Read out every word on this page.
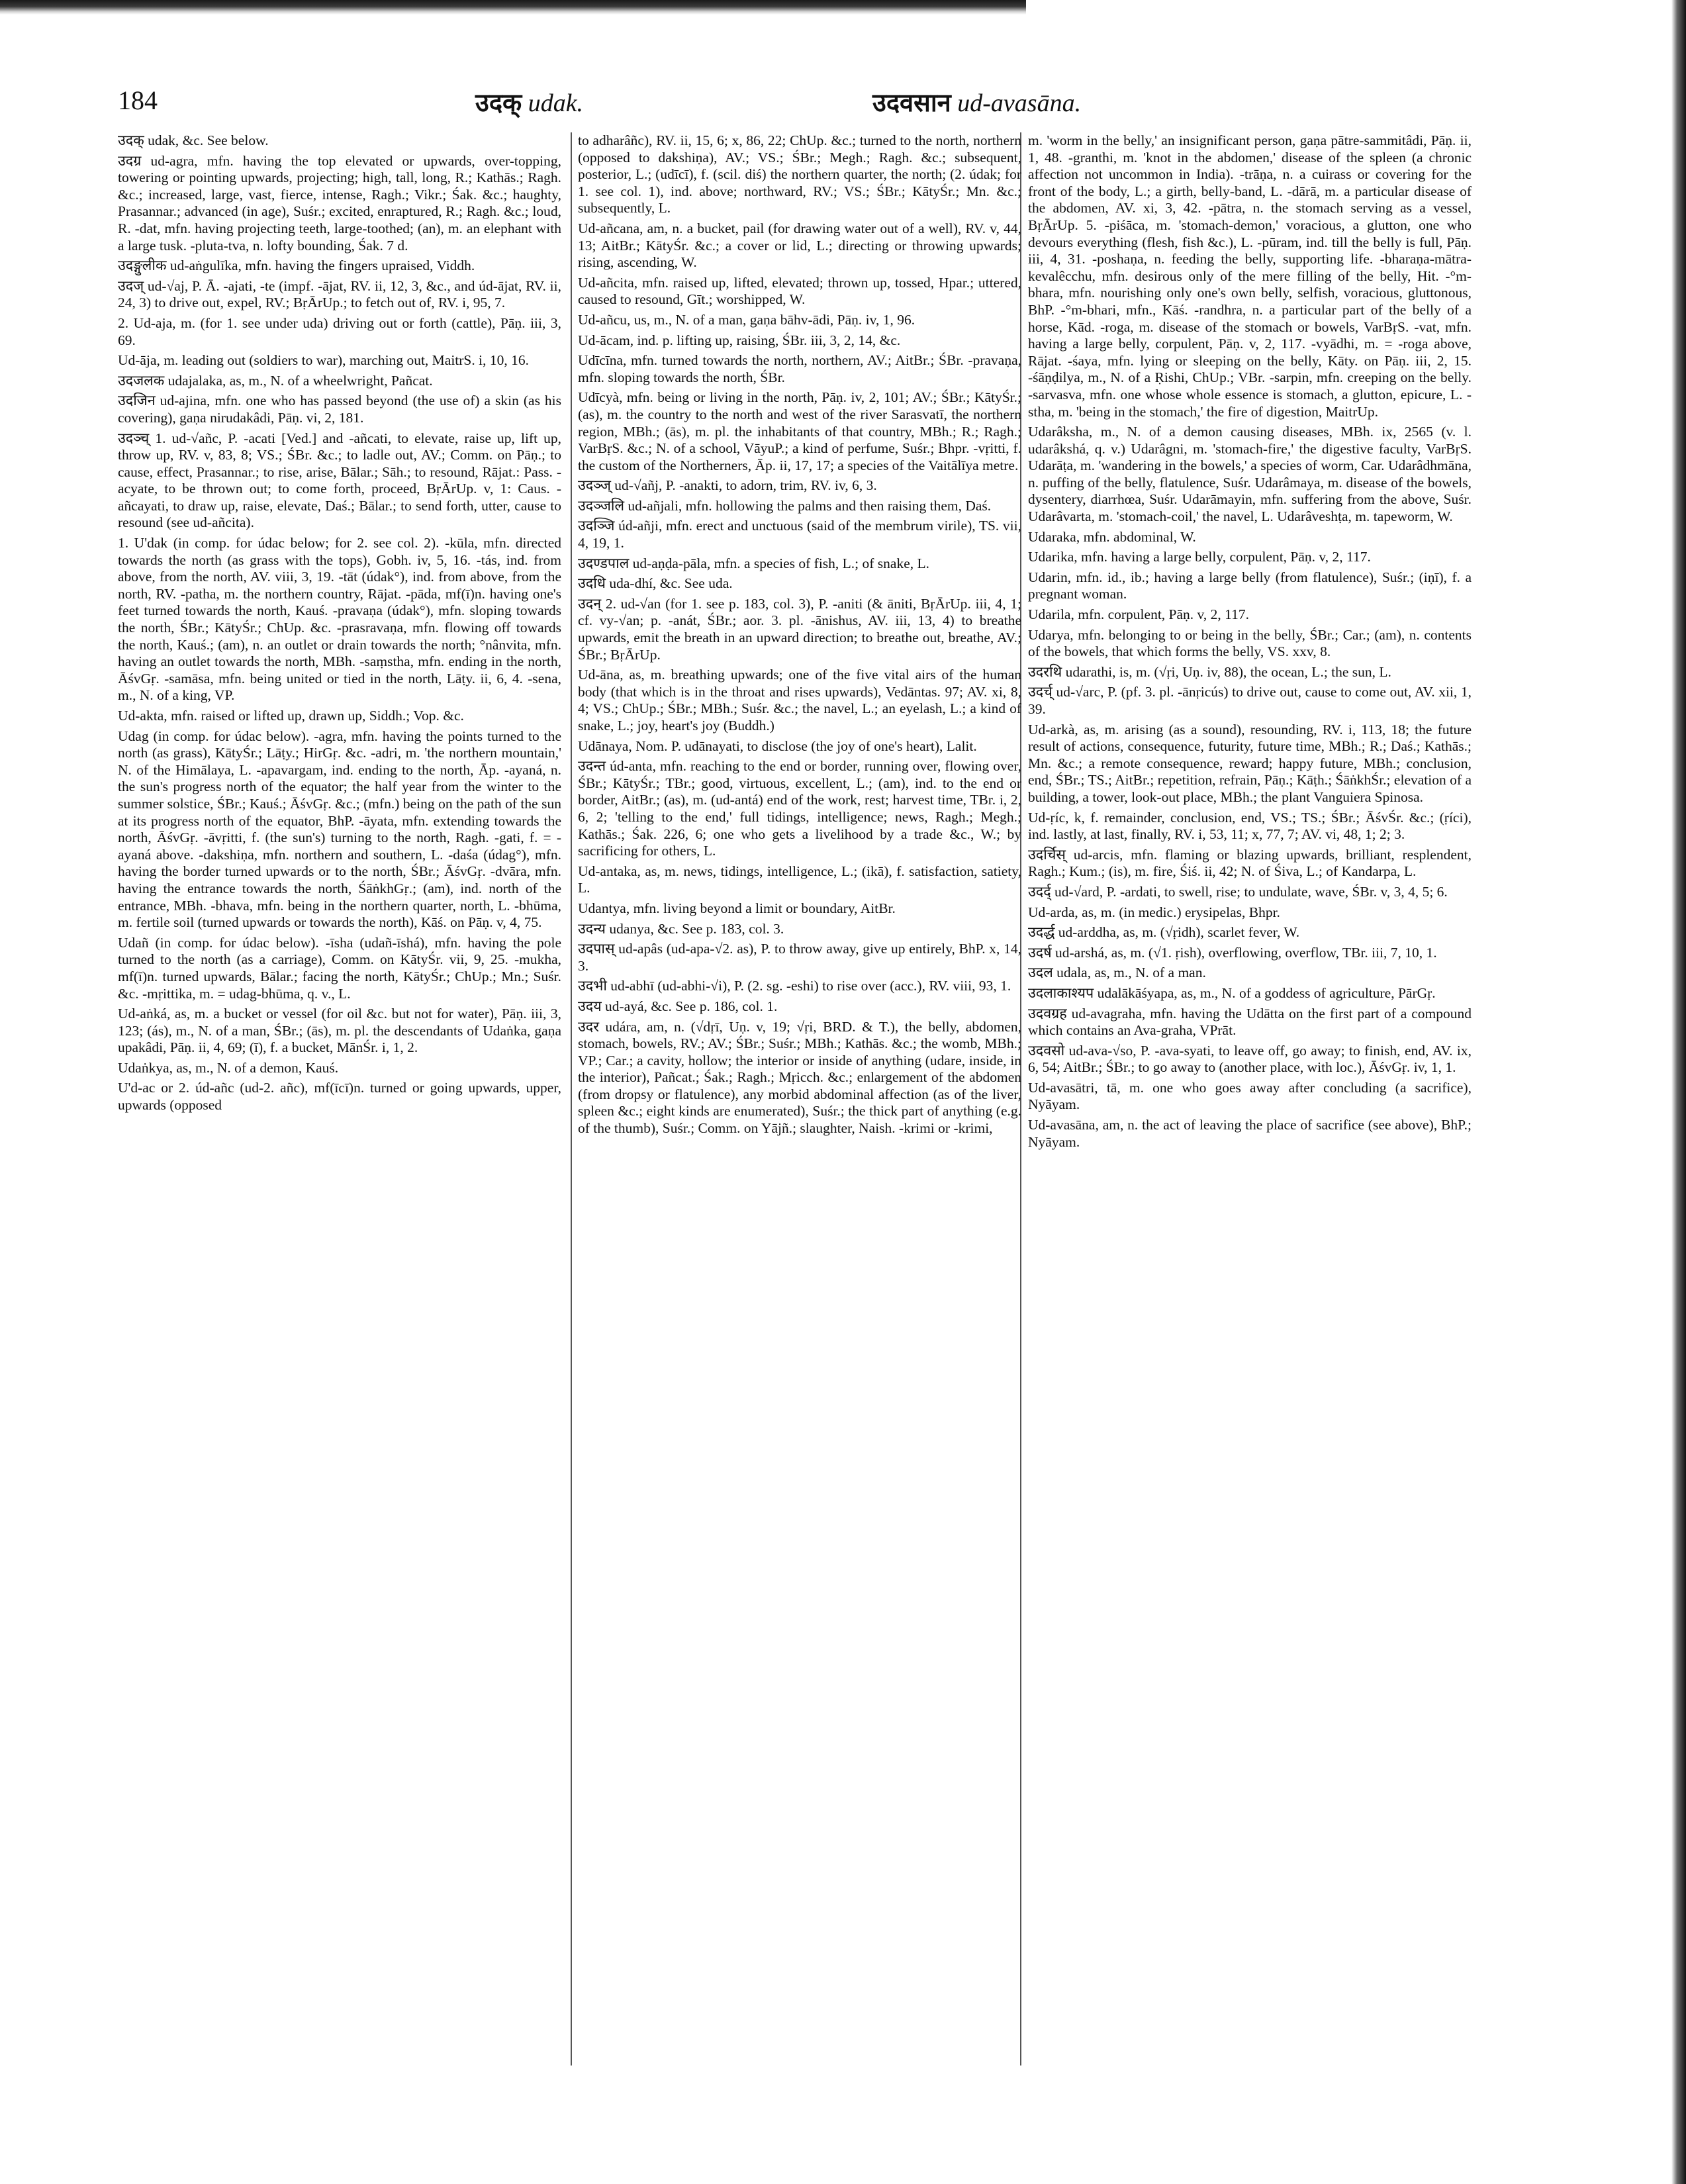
184	उदक् udak.	उदवसान ud-avasāna.

उदक् udak, &c. See below.

उदग्र ud-agra, mfn. having the top elevated or upwards, over-topping, towering or pointing upwards, projecting; high, tall, long, R.; Kathās.; Ragh. &c.; increased, large, vast, fierce, intense, Ragh.; Vikr.; Śak. &c.; haughty, Prasannar.; advanced (in age), Suśr.; excited, enraptured, R.; Ragh. &c.; loud, R. -dat, mfn. having projecting teeth, large-toothed; (an), m. an elephant with a large tusk. -pluta-tva, n. lofty bounding, Śak. 7 d.

उदङ्गुलीक ud-aṅgulīka, mfn. having the fingers upraised, Viddh.

उदज् ud-√aj, P. Ā. -ajati, -te (impf. -ājat, RV. ii, 12, 3, &c., and úd-ājat, RV. ii, 24, 3) to drive out, expel, RV.; BṛĀrUp.; to fetch out of, RV. i, 95, 7.

2. Ud-aja, m. (for 1. see under uda) driving out or forth (cattle), Pāṇ. iii, 3, 69.

Ud-āja, m. leading out (soldiers to war), marching out, MaitrS. i, 10, 16.

उदजलक udajalaka, as, m., N. of a wheelwright, Pañcat.

उदजिन ud-ajina, mfn. one who has passed beyond (the use of) a skin (as his covering), gaṇa nirudakâdi, Pāṇ. vi, 2, 181.

उदञ्च् 1. ud-√añc, P. -acati [Ved.] and -añcati, to elevate, raise up, lift up, throw up, RV. v, 83, 8; VS.; ŚBr. &c.; to ladle out, AV.; Comm. on Pāṇ.; to cause, effect, Prasannar.; to rise, arise, Bālar.; Sāh.; to resound, Rājat.: Pass. -acyate, to be thrown out; to come forth, proceed, BṛĀrUp. v, 1: Caus. -añcayati, to draw up, raise, elevate, Daś.; Bālar.; to send forth, utter, cause to resound (see ud-añcita).

1. U'dak (in comp. for údac below; for 2. see col. 2). -kūla, mfn. directed towards the north (as grass with the tops), Gobh. iv, 5, 16. -tás, ind. from above, from the north, AV. viii, 3, 19. -tāt (údak°), ind. from above, from the north, RV. -patha, m. the northern country, Rājat. -pāda, mf(ī)n. having one's feet turned towards the north, Kauś. -pravaṇa (údak°), mfn. sloping towards the north, ŚBr.; KātyŚr.; ChUp. &c. -prasravaṇa, mfn. flowing off towards the north, Kauś.; (am), n. an outlet or drain towards the north; °nânvita, mfn. having an outlet towards the north, MBh. -saṃstha, mfn. ending in the north, ĀśvGṛ. -samāsa, mfn. being united or tied in the north, Lāṭy. ii, 6, 4. -sena, m., N. of a king, VP.

Ud-akta, mfn. raised or lifted up, drawn up, Siddh.; Vop. &c.

Udag (in comp. for údac below). -agra, mfn. having the points turned to the north (as grass), KātyŚr.; Lāṭy.; HirGṛ. &c. -adri, m. 'the northern mountain,' N. of the Himālaya, L. -apavargam, ind. ending to the north, Āp. -ayaná, n. the sun's progress north of the equator; the half year from the winter to the summer solstice, ŚBr.; Kauś.; ĀśvGṛ. &c.; (mfn.) being on the path of the sun at its progress north of the equator, BhP. -āyata, mfn. extending towards the north, ĀśvGṛ. -āvṛitti, f. (the sun's) turning to the north, Ragh. -gati, f. = -ayaná above. -dakshiṇa, mfn. northern and southern, L. -daśa (údag°), mfn. having the border turned upwards or to the north, ŚBr.; ĀśvGṛ. -dvāra, mfn. having the entrance towards the north, ŚāṅkhGṛ.; (am), ind. north of the entrance, MBh. -bhava, mfn. being in the northern quarter, north, L. -bhūma, m. fertile soil (turned upwards or towards the north), Kāś. on Pāṇ. v, 4, 75.

Udañ (in comp. for údac below). -īsha (udañ-īshá), mfn. having the pole turned to the north (as a carriage), Comm. on KātyŚr. vii, 9, 25. -mukha, mf(ī)n. turned upwards, Bālar.; facing the north, KātyŚr.; ChUp.; Mn.; Suśr. &c. -mṛittika, m. = udag-bhūma, q. v., L.

Ud-aṅká, as, m. a bucket or vessel (for oil &c. but not for water), Pāṇ. iii, 3, 123; (ás), m., N. of a man, ŚBr.; (ās), m. pl. the descendants of Udaṅka, gaṇa upakâdi, Pāṇ. ii, 4, 69; (ī), f. a bucket, MānŚr. i, 1, 2.

Udaṅkya, as, m., N. of a demon, Kauś.

U'd-ac or 2. úd-añc (ud-2. añc), mf(īcī)n. turned or going upwards, upper, upwards (opposed

to adharâñc), RV. ii, 15, 6; x, 86, 22; ChUp. &c.; turned to the north, northern (opposed to dakshiṇa), AV.; VS.; ŚBr.; Megh.; Ragh. &c.; subsequent, posterior, L.; (udīcī), f. (scil. diś) the northern quarter, the north; (2. údak; for 1. see col. 1), ind. above; northward, RV.; VS.; ŚBr.; KātyŚr.; Mn. &c.; subsequently, L.

Ud-añcana, am, n. a bucket, pail (for drawing water out of a well), RV. v, 44, 13; AitBr.; KātyŚr. &c.; a cover or lid, L.; directing or throwing upwards; rising, ascending, W.

Ud-añcita, mfn. raised up, lifted, elevated; thrown up, tossed, Hpar.; uttered, caused to resound, Gīt.; worshipped, W.

Ud-añcu, us, m., N. of a man, gaṇa bāhv-ādi, Pāṇ. iv, 1, 96.

Ud-ācam, ind. p. lifting up, raising, ŚBr. iii, 3, 2, 14, &c.

Udīcīna, mfn. turned towards the north, northern, AV.; AitBr.; ŚBr. -pravaṇa, mfn. sloping towards the north, ŚBr.

Udīcyà, mfn. being or living in the north, Pāṇ. iv, 2, 101; AV.; ŚBr.; KātyŚr.; (as), m. the country to the north and west of the river Sarasvatī, the northern region, MBh.; (ās), m. pl. the inhabitants of that country, MBh.; R.; Ragh.; VarBṛS. &c.; N. of a school, VāyuP.; a kind of perfume, Suśr.; Bhpr. -vṛitti, f. the custom of the Northerners, Āp. ii, 17, 17; a species of the Vaitālīya metre.

उदञ्ज् ud-√añj, P. -anakti, to adorn, trim, RV. iv, 6, 3.

उदञ्जलि ud-añjali, mfn. hollowing the palms and then raising them, Daś.

उदञ्जि úd-añji, mfn. erect and unctuous (said of the membrum virile), TS. vii, 4, 19, 1.

उदण्डपाल ud-aṇḍa-pāla, mfn. a species of fish, L.; of snake, L.

उदधि uda-dhí, &c. See uda.

उदन् 2. ud-√an (for 1. see p. 183, col. 3), P. -aniti (& āniti, BṛĀrUp. iii, 4, 1; cf. vy-√an; p. -anát, ŚBr.; aor. 3. pl. -ānishus, AV. iii, 13, 4) to breathe upwards, emit the breath in an upward direction; to breathe out, breathe, AV.; ŚBr.; BṛĀrUp.

Ud-āna, as, m. breathing upwards; one of the five vital airs of the human body (that which is in the throat and rises upwards), Vedāntas. 97; AV. xi, 8, 4; VS.; ChUp.; ŚBr.; MBh.; Suśr. &c.; the navel, L.; an eyelash, L.; a kind of snake, L.; joy, heart's joy (Buddh.)

Udānaya, Nom. P. udānayati, to disclose (the joy of one's heart), Lalit.

उदन्त úd-anta, mfn. reaching to the end or border, running over, flowing over, ŚBr.; KātyŚr.; TBr.; good, virtuous, excellent, L.; (am), ind. to the end or border, AitBr.; (as), m. (ud-antá) end of the work, rest; harvest time, TBr. i, 2, 6, 2; 'telling to the end,' full tidings, intelligence; news, Ragh.; Megh.; Kathās.; Śak. 226, 6; one who gets a livelihood by a trade &c., W.; by sacrificing for others, L.

Ud-antaka, as, m. news, tidings, intelligence, L.; (ikā), f. satisfaction, satiety, L.

Udantya, mfn. living beyond a limit or boundary, AitBr.

उदन्य udanya, &c. See p. 183, col. 3.

उदपास् ud-apâs (ud-apa-√2. as), P. to throw away, give up entirely, BhP. x, 14, 3.

उदभी ud-abhī (ud-abhi-√i), P. (2. sg. -eshi) to rise over (acc.), RV. viii, 93, 1.

उदय ud-ayá, &c. See p. 186, col. 1.

उदर udára, am, n. (√dṛī, Uṇ. v, 19; √ṛi, BRD. & T.), the belly, abdomen, stomach, bowels, RV.; AV.; ŚBr.; Suśr.; MBh.; Kathās. &c.; the womb, MBh.; VP.; Car.; a cavity, hollow; the interior or inside of anything (udare, inside, in the interior), Pañcat.; Śak.; Ragh.; Mṛicch. &c.; enlargement of the abdomen (from dropsy or flatulence), any morbid abdominal affection (as of the liver, spleen &c.; eight kinds are enumerated), Suśr.; the thick part of anything (e.g. of the thumb), Suśr.; Comm. on Yājñ.; slaughter, Naish. -krimi or -krimi,

m. 'worm in the belly,' an insignificant person, gaṇa pātre-sammitâdi, Pāṇ. ii, 1, 48. -granthi, m. 'knot in the abdomen,' disease of the spleen (a chronic affection not uncommon in India). -trāṇa, n. a cuirass or covering for the front of the body, L.; a girth, belly-band, L. -dārā, m. a particular disease of the abdomen, AV. xi, 3, 42. -pātra, n. the stomach serving as a vessel, BṛĀrUp. 5. -piśāca, m. 'stomach-demon,' voracious, a glutton, one who devours everything (flesh, fish &c.), L. -pūram, ind. till the belly is full, Pāṇ. iii, 4, 31. -poshaṇa, n. feeding the belly, supporting life. -bharaṇa-mātra-kevalêcchu, mfn. desirous only of the mere filling of the belly, Hit. -°m-bhara, mfn. nourishing only one's own belly, selfish, voracious, gluttonous, BhP. -°m-bhari, mfn., Kāś. -randhra, n. a particular part of the belly of a horse, Kād. -roga, m. disease of the stomach or bowels, VarBṛS. -vat, mfn. having a large belly, corpulent, Pāṇ. v, 2, 117. -vyādhi, m. = -roga above, Rājat. -śaya, mfn. lying or sleeping on the belly, Kāty. on Pāṇ. iii, 2, 15. -śāṇḍilya, m., N. of a Ṛishi, ChUp.; VBr. -sarpin, mfn. creeping on the belly. -sarvasva, mfn. one whose whole essence is stomach, a glutton, epicure, L. -stha, m. 'being in the stomach,' the fire of digestion, MaitrUp.

Udarâksha, m., N. of a demon causing diseases, MBh. ix, 2565 (v. l. udarâkshá, q. v.) Udarâgni, m. 'stomach-fire,' the digestive faculty, VarBṛS. Udarāṭa, m. 'wandering in the bowels,' a species of worm, Car. Udarâdhmāna, n. puffing of the belly, flatulence, Suśr. Udarâmaya, m. disease of the bowels, dysentery, diarrhœa, Suśr. Udarāmayin, mfn. suffering from the above, Suśr. Udarâvarta, m. 'stomach-coil,' the navel, L. Udarâveshṭa, m. tapeworm, W.

Udaraka, mfn. abdominal, W.

Udarika, mfn. having a large belly, corpulent, Pāṇ. v, 2, 117.

Udarin, mfn. id., ib.; having a large belly (from flatulence), Suśr.; (iṇī), f. a pregnant woman.

Udarila, mfn. corpulent, Pāṇ. v, 2, 117.

Udarya, mfn. belonging to or being in the belly, ŚBr.; Car.; (am), n. contents of the bowels, that which forms the belly, VS. xxv, 8.

उदरथि udarathi, is, m. (√ṛi, Uṇ. iv, 88), the ocean, L.; the sun, L.

उदर्च् ud-√arc, P. (pf. 3. pl. -ānṛicús) to drive out, cause to come out, AV. xii, 1, 39.

Ud-arkà, as, m. arising (as a sound), resounding, RV. i, 113, 18; the future result of actions, consequence, futurity, future time, MBh.; R.; Daś.; Kathās.; Mn. &c.; a remote consequence, reward; happy future, MBh.; conclusion, end, ŚBr.; TS.; AitBr.; repetition, refrain, Pāṇ.; Kāṭh.; ŚāṅkhŚr.; elevation of a building, a tower, look-out place, MBh.; the plant Vanguiera Spinosa.

Ud-ṛíc, k, f. remainder, conclusion, end, VS.; TS.; ŚBr.; ĀśvŚr. &c.; (ṛíci), ind. lastly, at last, finally, RV. i, 53, 11; x, 77, 7; AV. vi, 48, 1; 2; 3.

उदर्चिस् ud-arcis, mfn. flaming or blazing upwards, brilliant, resplendent, Ragh.; Kum.; (is), m. fire, Śiś. ii, 42; N. of Śiva, L.; of Kandarpa, L.

उदर्द् ud-√ard, P. -ardati, to swell, rise; to undulate, wave, ŚBr. v, 3, 4, 5; 6.

Ud-arda, as, m. (in medic.) erysipelas, Bhpr.

उदर्द्ध ud-arddha, as, m. (√ṛidh), scarlet fever, W.

उदर्ष ud-arshá, as, m. (√1. ṛish), overflowing, overflow, TBr. iii, 7, 10, 1.

उदल udala, as, m., N. of a man.

उदलाकाश्यप udalākāśyapa, as, m., N. of a goddess of agriculture, PārGṛ.

उदवग्रह ud-avagraha, mfn. having the Udātta on the first part of a compound which contains an Ava-graha, VPrāt.

उदवसो ud-ava-√so, P. -ava-syati, to leave off, go away; to finish, end, AV. ix, 6, 54; AitBr.; ŚBr.; to go away to (another place, with loc.), ĀśvGṛ. iv, 1, 1.

Ud-avasātri, tā, m. one who goes away after concluding (a sacrifice), Nyāyam.

Ud-avasāna, am, n. the act of leaving the place of sacrifice (see above), BhP.; Nyāyam.
